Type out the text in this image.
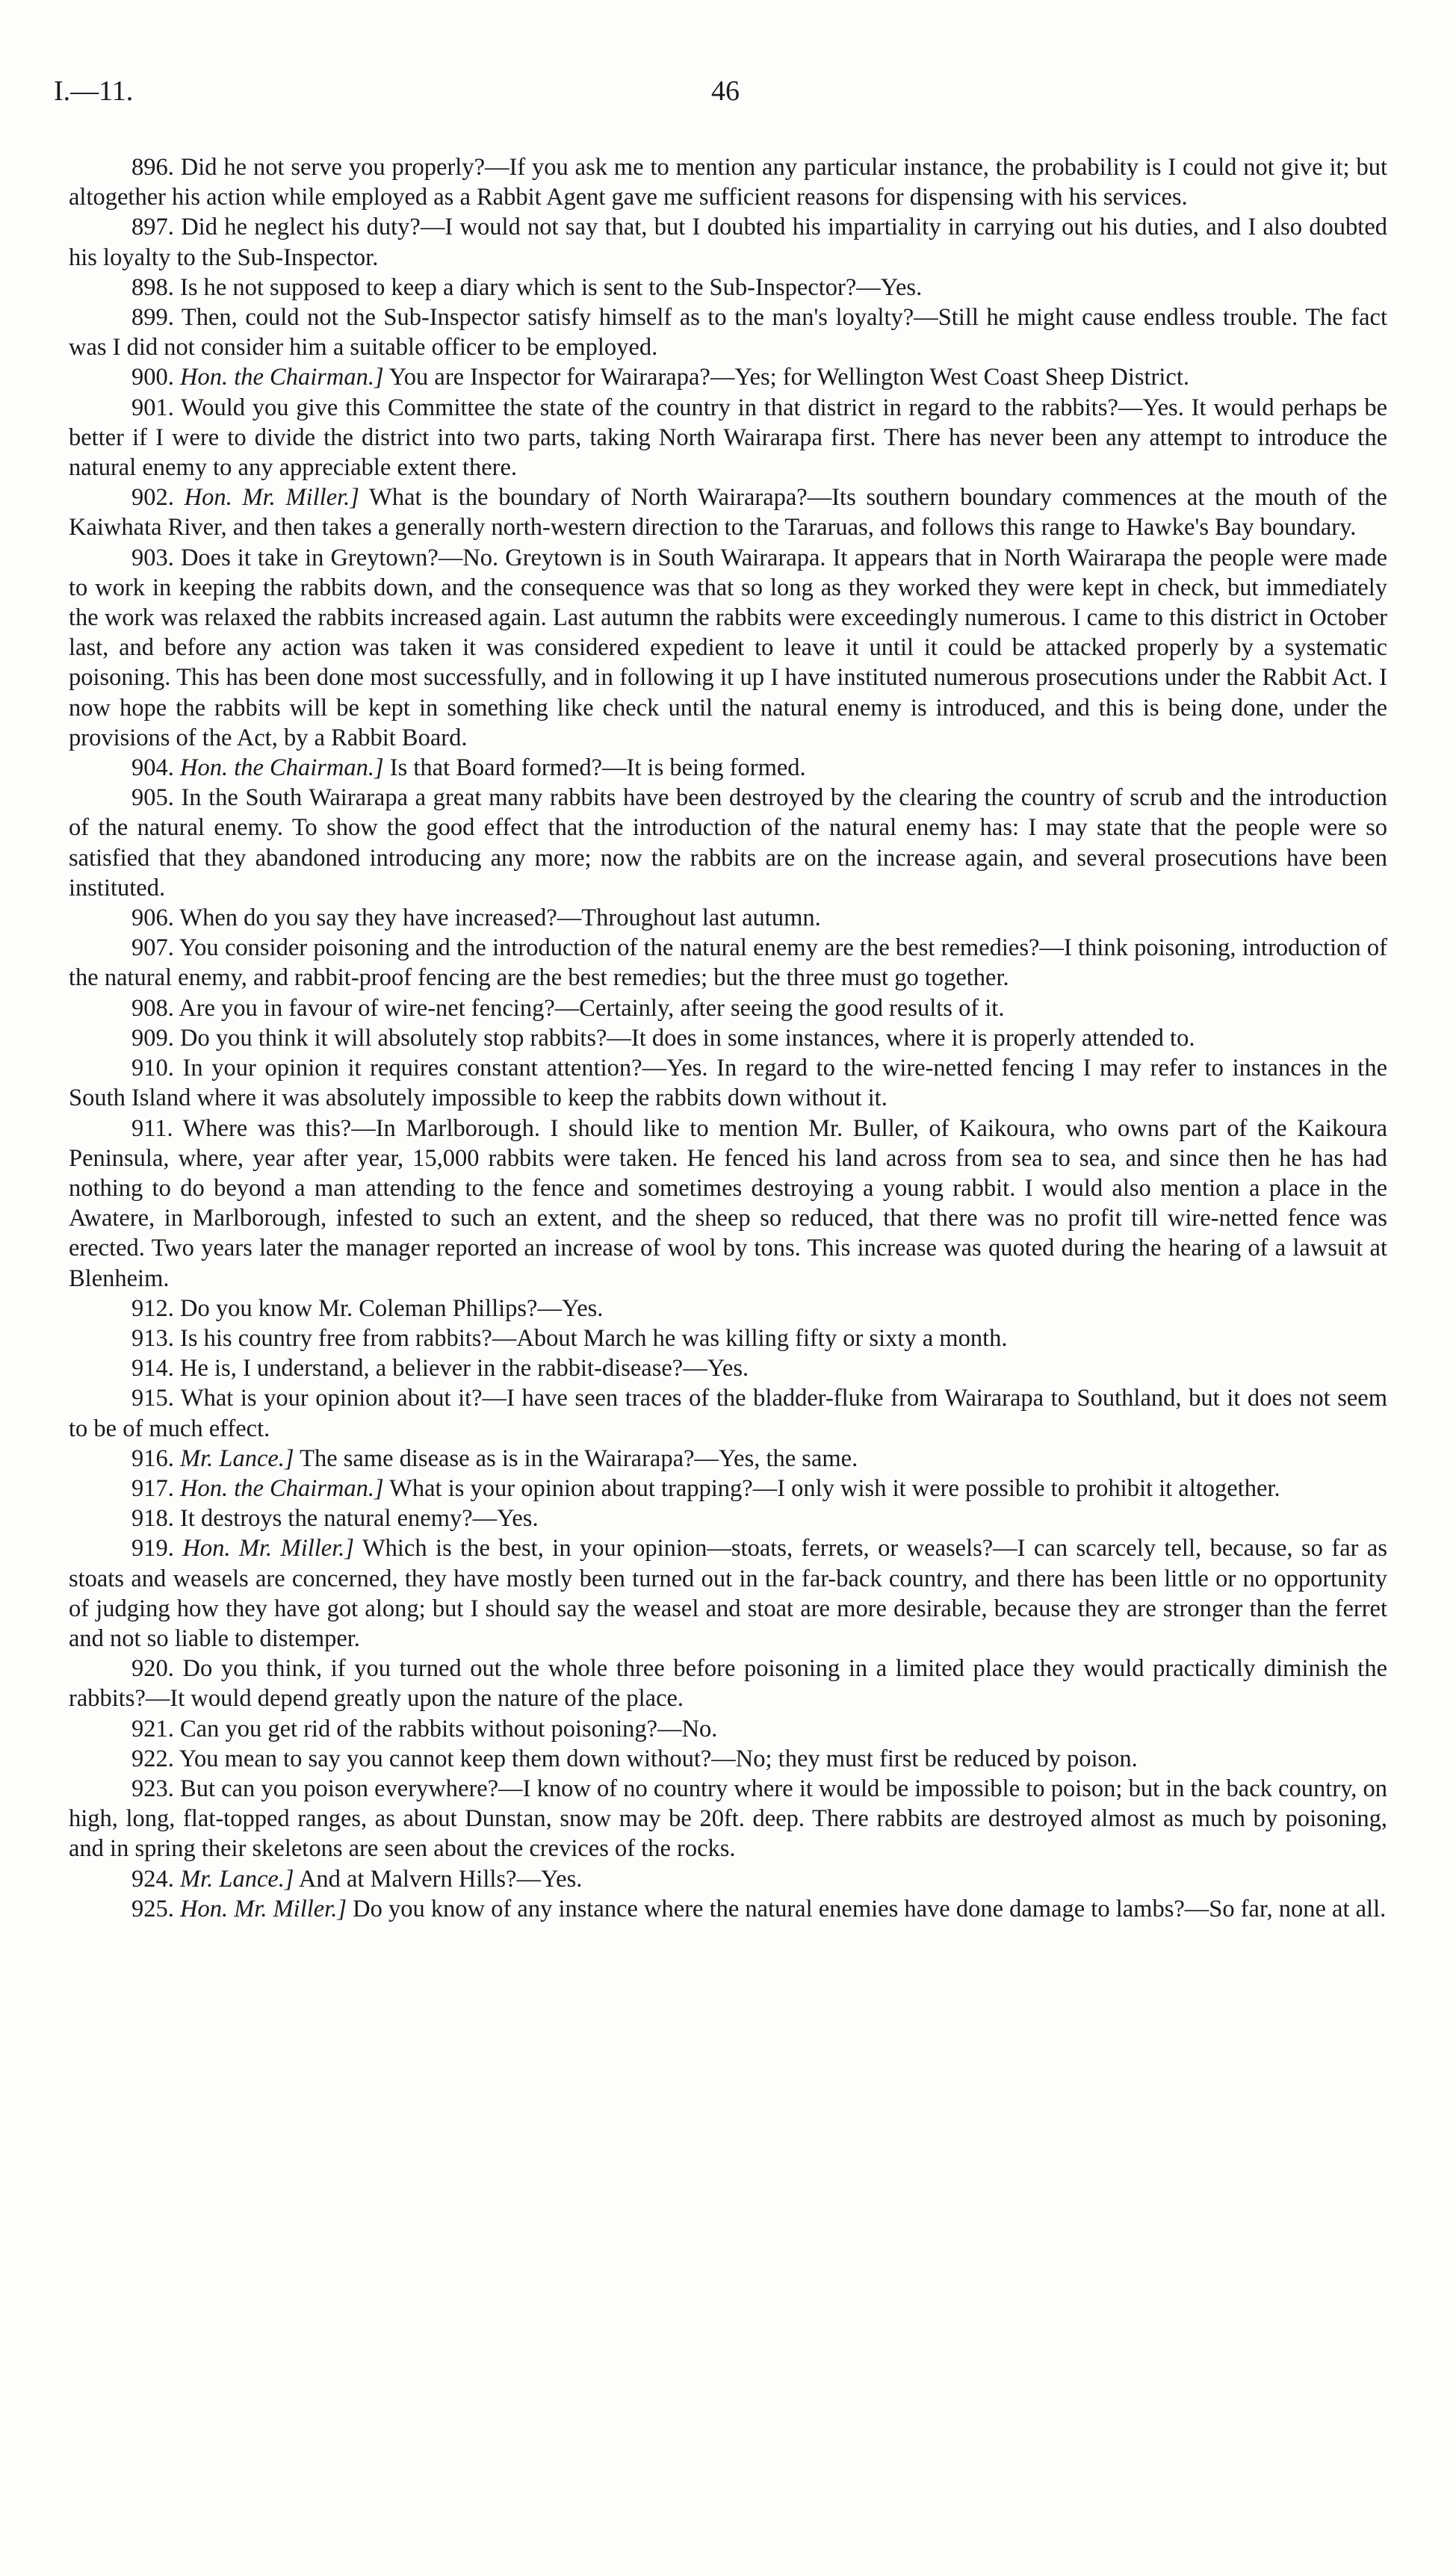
I.—11.	46

896. Did he not serve you properly?—If you ask me to mention any particular instance, the probability is I could not give it; but altogether his action while employed as a Rabbit Agent gave me sufficient reasons for dispensing with his services.

897. Did he neglect his duty?—I would not say that, but I doubted his impartiality in carrying out his duties, and I also doubted his loyalty to the Sub-Inspector.

898. Is he not supposed to keep a diary which is sent to the Sub-Inspector?—Yes.

899. Then, could not the Sub-Inspector satisfy himself as to the man's loyalty?—Still he might cause endless trouble. The fact was I did not consider him a suitable officer to be employed.

900. Hon. the Chairman.] You are Inspector for Wairarapa?—Yes; for Wellington West Coast Sheep District.

901. Would you give this Committee the state of the country in that district in regard to the rabbits?—Yes. It would perhaps be better if I were to divide the district into two parts, taking North Wairarapa first. There has never been any attempt to introduce the natural enemy to any appreciable extent there.

902. Hon. Mr. Miller.] What is the boundary of North Wairarapa?—Its southern boundary commences at the mouth of the Kaiwhata River, and then takes a generally north-western direction to the Tararuas, and follows this range to Hawke's Bay boundary.

903. Does it take in Greytown?—No. Greytown is in South Wairarapa. It appears that in North Wairarapa the people were made to work in keeping the rabbits down, and the consequence was that so long as they worked they were kept in check, but immediately the work was relaxed the rabbits increased again. Last autumn the rabbits were exceedingly numerous. I came to this district in October last, and before any action was taken it was considered expedient to leave it until it could be attacked properly by a systematic poisoning. This has been done most successfully, and in following it up I have instituted numerous prosecutions under the Rabbit Act. I now hope the rabbits will be kept in something like check until the natural enemy is introduced, and this is being done, under the provisions of the Act, by a Rabbit Board.

904. Hon. the Chairman.] Is that Board formed?—It is being formed.

905. In the South Wairarapa a great many rabbits have been destroyed by the clearing the country of scrub and the introduction of the natural enemy. To show the good effect that the introduction of the natural enemy has: I may state that the people were so satisfied that they abandoned introducing any more; now the rabbits are on the increase again, and several prosecutions have been instituted.

906. When do you say they have increased?—Throughout last autumn.

907. You consider poisoning and the introduction of the natural enemy are the best remedies?—I think poisoning, introduction of the natural enemy, and rabbit-proof fencing are the best remedies; but the three must go together.

908. Are you in favour of wire-net fencing?—Certainly, after seeing the good results of it.

909. Do you think it will absolutely stop rabbits?—It does in some instances, where it is properly attended to.

910. In your opinion it requires constant attention?—Yes. In regard to the wire-netted fencing I may refer to instances in the South Island where it was absolutely impossible to keep the rabbits down without it.

911. Where was this?—In Marlborough. I should like to mention Mr. Buller, of Kaikoura, who owns part of the Kaikoura Peninsula, where, year after year, 15,000 rabbits were taken. He fenced his land across from sea to sea, and since then he has had nothing to do beyond a man attending to the fence and sometimes destroying a young rabbit. I would also mention a place in the Awatere, in Marlborough, infested to such an extent, and the sheep so reduced, that there was no profit till wire-netted fence was erected. Two years later the manager reported an increase of wool by tons. This increase was quoted during the hearing of a lawsuit at Blenheim.

912. Do you know Mr. Coleman Phillips?—Yes.

913. Is his country free from rabbits?—About March he was killing fifty or sixty a month.

914. He is, I understand, a believer in the rabbit-disease?—Yes.

915. What is your opinion about it?—I have seen traces of the bladder-fluke from Wairarapa to Southland, but it does not seem to be of much effect.

916. Mr. Lance.] The same disease as is in the Wairarapa?—Yes, the same.

917. Hon. the Chairman.] What is your opinion about trapping?—I only wish it were possible to prohibit it altogether.

918. It destroys the natural enemy?—Yes.

919. Hon. Mr. Miller.] Which is the best, in your opinion—stoats, ferrets, or weasels?—I can scarcely tell, because, so far as stoats and weasels are concerned, they have mostly been turned out in the far-back country, and there has been little or no opportunity of judging how they have got along; but I should say the weasel and stoat are more desirable, because they are stronger than the ferret and not so liable to distemper.

920. Do you think, if you turned out the whole three before poisoning in a limited place they would practically diminish the rabbits?—It would depend greatly upon the nature of the place.

921. Can you get rid of the rabbits without poisoning?—No.

922. You mean to say you cannot keep them down without?—No; they must first be reduced by poison.

923. But can you poison everywhere?—I know of no country where it would be impossible to poison; but in the back country, on high, long, flat-topped ranges, as about Dunstan, snow may be 20ft. deep. There rabbits are destroyed almost as much by poisoning, and in spring their skeletons are seen about the crevices of the rocks.

924. Mr. Lance.] And at Malvern Hills?—Yes.

925. Hon. Mr. Miller.] Do you know of any instance where the natural enemies have done damage to lambs?—So far, none at all.
